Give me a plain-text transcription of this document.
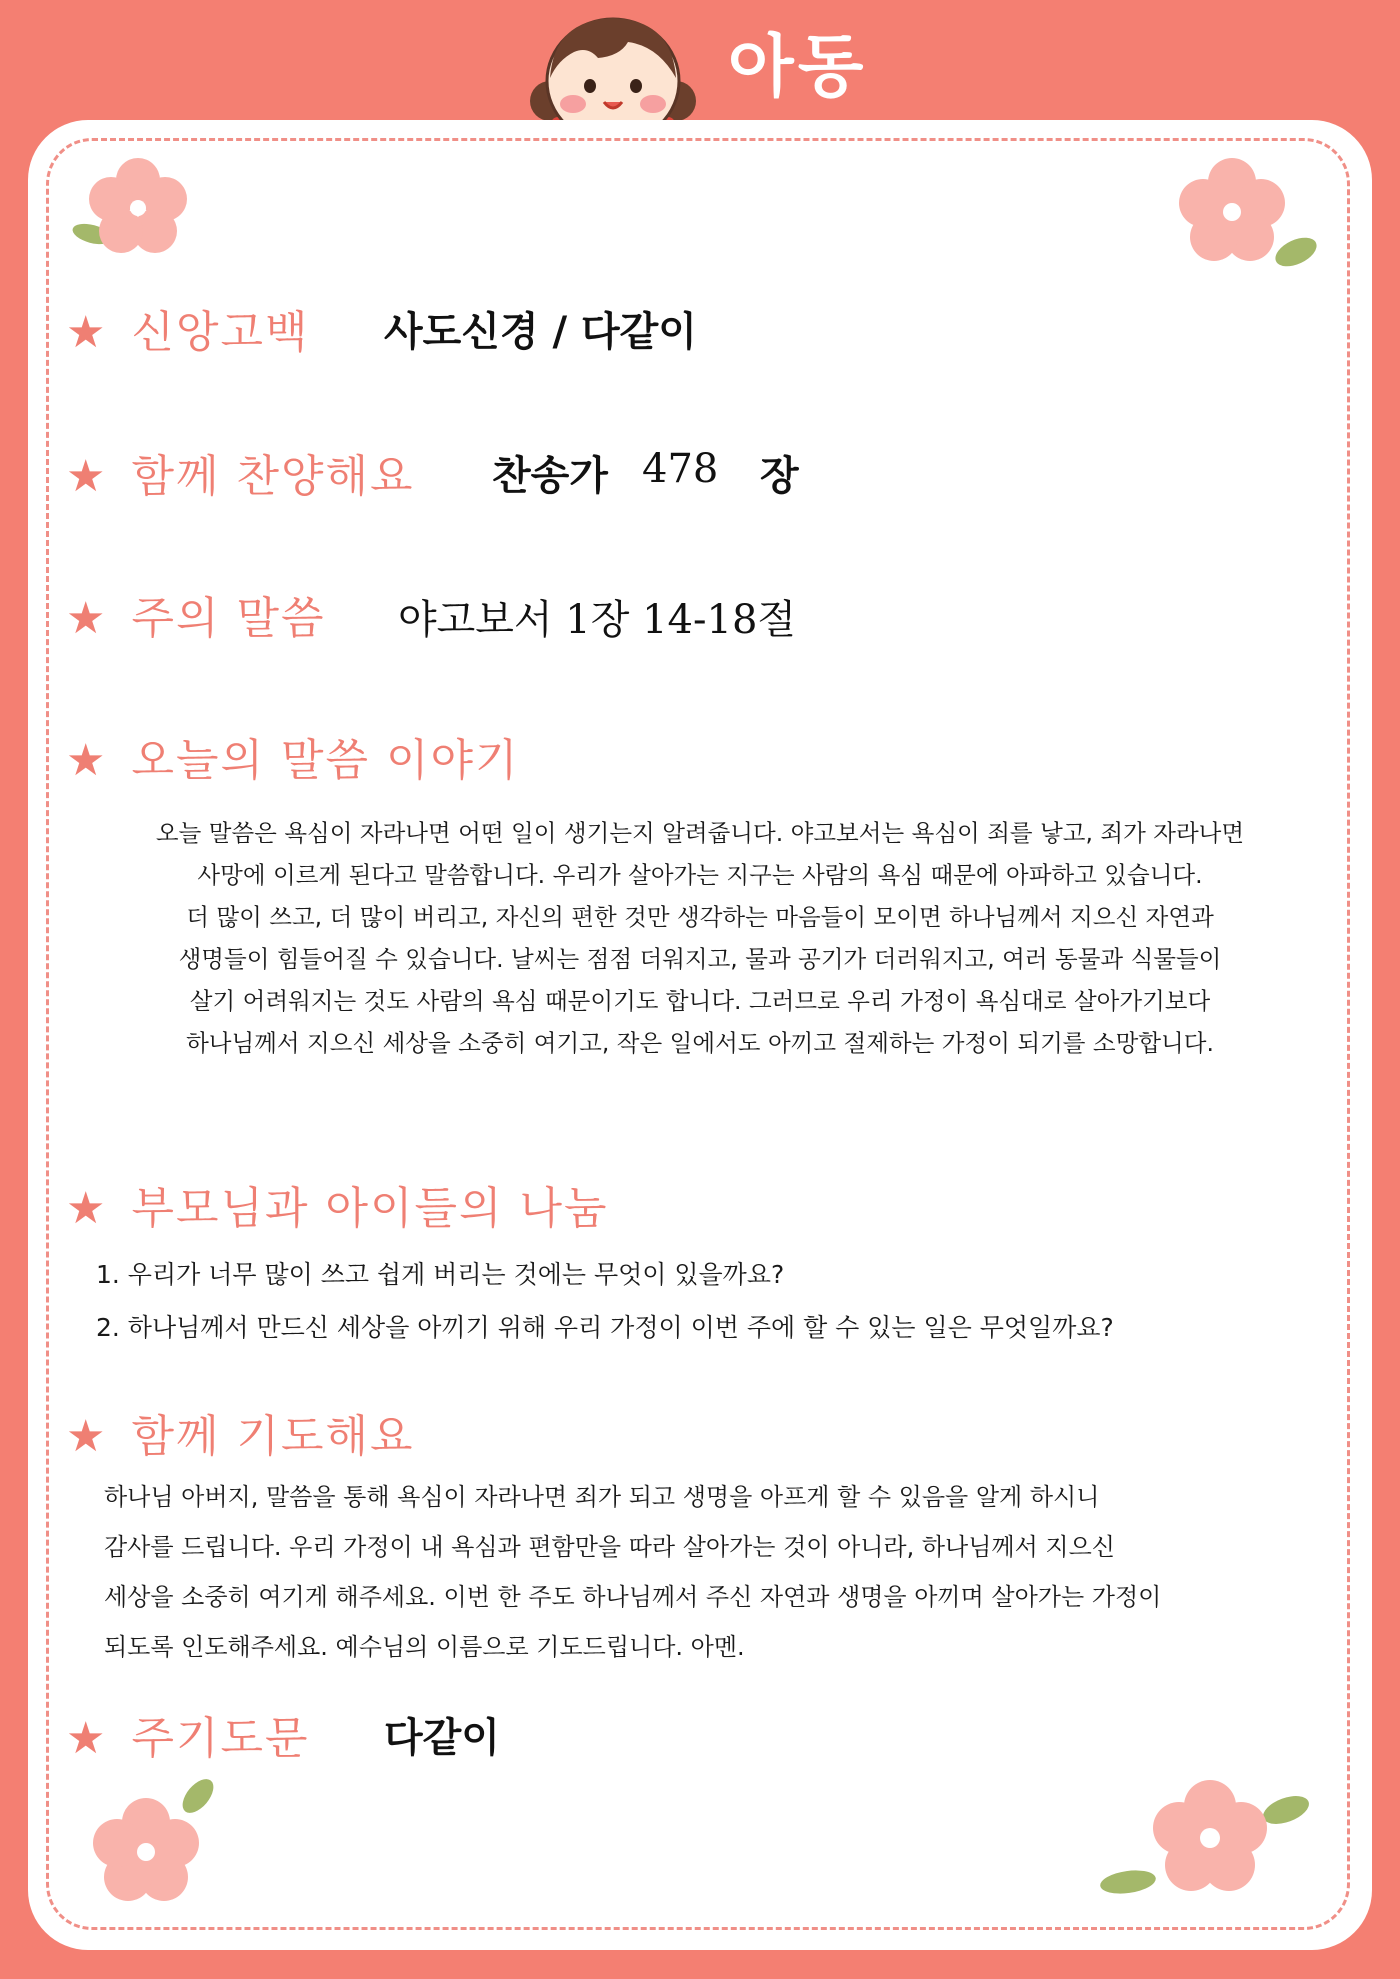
아동
★ 신앙고백 사도신경 / 다같이
★ 함께 찬양해요 찬송가 478 장
★ 주의 말씀 야고보서 1장 14-18절
★ 오늘의 말씀 이야기
오늘 말씀은 욕심이 자라나면 어떤 일이 생기는지 알려줍니다. 야고보서는 욕심이 죄를 낳고, 죄가 자라나면
사망에 이르게 된다고 말씀합니다. 우리가 살아가는 지구는 사람의 욕심 때문에 아파하고 있습니다.
더 많이 쓰고, 더 많이 버리고, 자신의 편한 것만 생각하는 마음들이 모이면 하나님께서 지으신 자연과
생명들이 힘들어질 수 있습니다. 날씨는 점점 더워지고, 물과 공기가 더러워지고, 여러 동물과 식물들이
살기 어려워지는 것도 사람의 욕심 때문이기도 합니다. 그러므로 우리 가정이 욕심대로 살아가기보다
하나님께서 지으신 세상을 소중히 여기고, 작은 일에서도 아끼고 절제하는 가정이 되기를 소망합니다.
★ 부모님과 아이들의 나눔
1. 우리가 너무 많이 쓰고 쉽게 버리는 것에는 무엇이 있을까요?
2. 하나님께서 만드신 세상을 아끼기 위해 우리 가정이 이번 주에 할 수 있는 일은 무엇일까요?
★ 함께 기도해요
하나님 아버지, 말씀을 통해 욕심이 자라나면 죄가 되고 생명을 아프게 할 수 있음을 알게 하시니
감사를 드립니다. 우리 가정이 내 욕심과 편함만을 따라 살아가는 것이 아니라, 하나님께서 지으신
세상을 소중히 여기게 해주세요. 이번 한 주도 하나님께서 주신 자연과 생명을 아끼며 살아가는 가정이
되도록 인도해주세요. 예수님의 이름으로 기도드립니다. 아멘.
★ 주기도문 다같이
